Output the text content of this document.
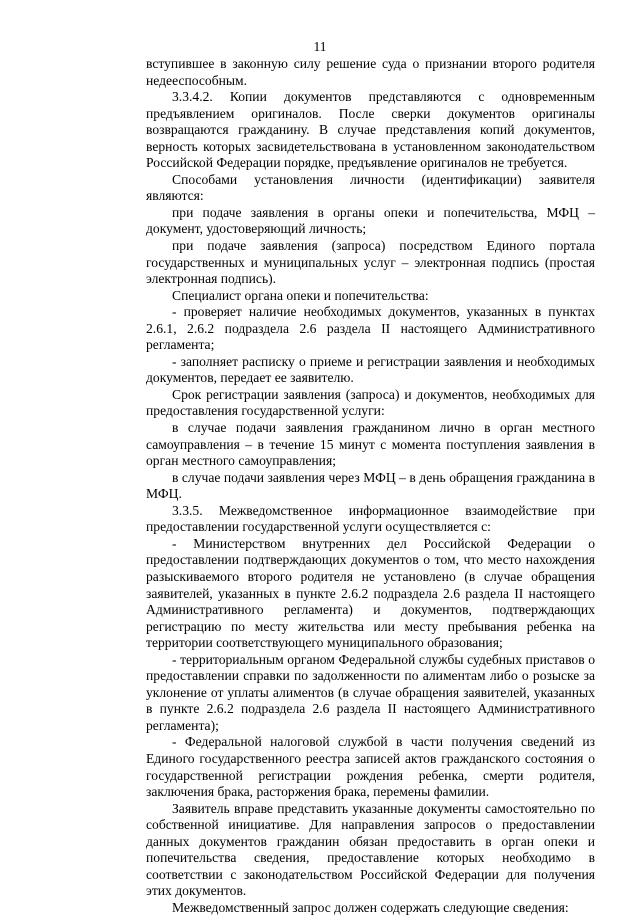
11

вступившее в законную силу решение суда о признании второго родителя недееспособным.

3.3.4.2. Копии документов представляются с одновременным предъявлением оригиналов. После сверки документов оригиналы возвращаются гражданину. В случае представления копий документов, верность которых засвидетельствована в установленном законодательством Российской Федерации порядке, предъявление оригиналов не требуется.

Способами установления личности (идентификации) заявителя являются:

при подаче заявления в органы опеки и попечительства, МФЦ – документ, удостоверяющий личность;

при подаче заявления (запроса) посредством Единого портала государственных и муниципальных услуг – электронная подпись (простая электронная подпись).

Специалист органа опеки и попечительства:

- проверяет наличие необходимых документов, указанных в пунктах 2.6.1, 2.6.2 подраздела 2.6 раздела II настоящего Административного регламента;

- заполняет расписку о приеме и регистрации заявления и необходимых документов, передает ее заявителю.

Срок регистрации заявления (запроса) и документов, необходимых для предоставления государственной услуги:

в случае подачи заявления гражданином лично в орган местного самоуправления – в течение 15 минут с момента поступления заявления в орган местного самоуправления;

в случае подачи заявления через МФЦ – в день обращения гражданина в МФЦ.

3.3.5. Межведомственное информационное взаимодействие при предоставлении государственной услуги осуществляется с:

- Министерством внутренних дел Российской Федерации о предоставлении подтверждающих документов о том, что место нахождения разыскиваемого второго родителя не установлено (в случае обращения заявителей, указанных в пункте 2.6.2 подраздела 2.6 раздела II настоящего Административного регламента) и документов, подтверждающих регистрацию по месту жительства или месту пребывания ребенка на территории соответствующего муниципального образования;

- территориальным органом Федеральной службы судебных приставов о предоставлении справки по задолженности по алиментам либо о розыске за уклонение от уплаты алиментов (в случае обращения заявителей, указанных в пункте 2.6.2 подраздела 2.6 раздела II настоящего Административного регламента);

- Федеральной налоговой службой в части получения сведений из Единого государственного реестра записей актов гражданского состояния о государственной регистрации рождения ребенка, смерти родителя, заключения брака, расторжения брака, перемены фамилии.

Заявитель вправе представить указанные документы самостоятельно по собственной инициативе. Для направления запросов о предоставлении данных документов гражданин обязан предоставить в орган опеки и попечительства сведения, предоставление которых необходимо в соответствии с законодательством Российской Федерации для получения этих документов.

Межведомственный запрос должен содержать следующие сведения:
